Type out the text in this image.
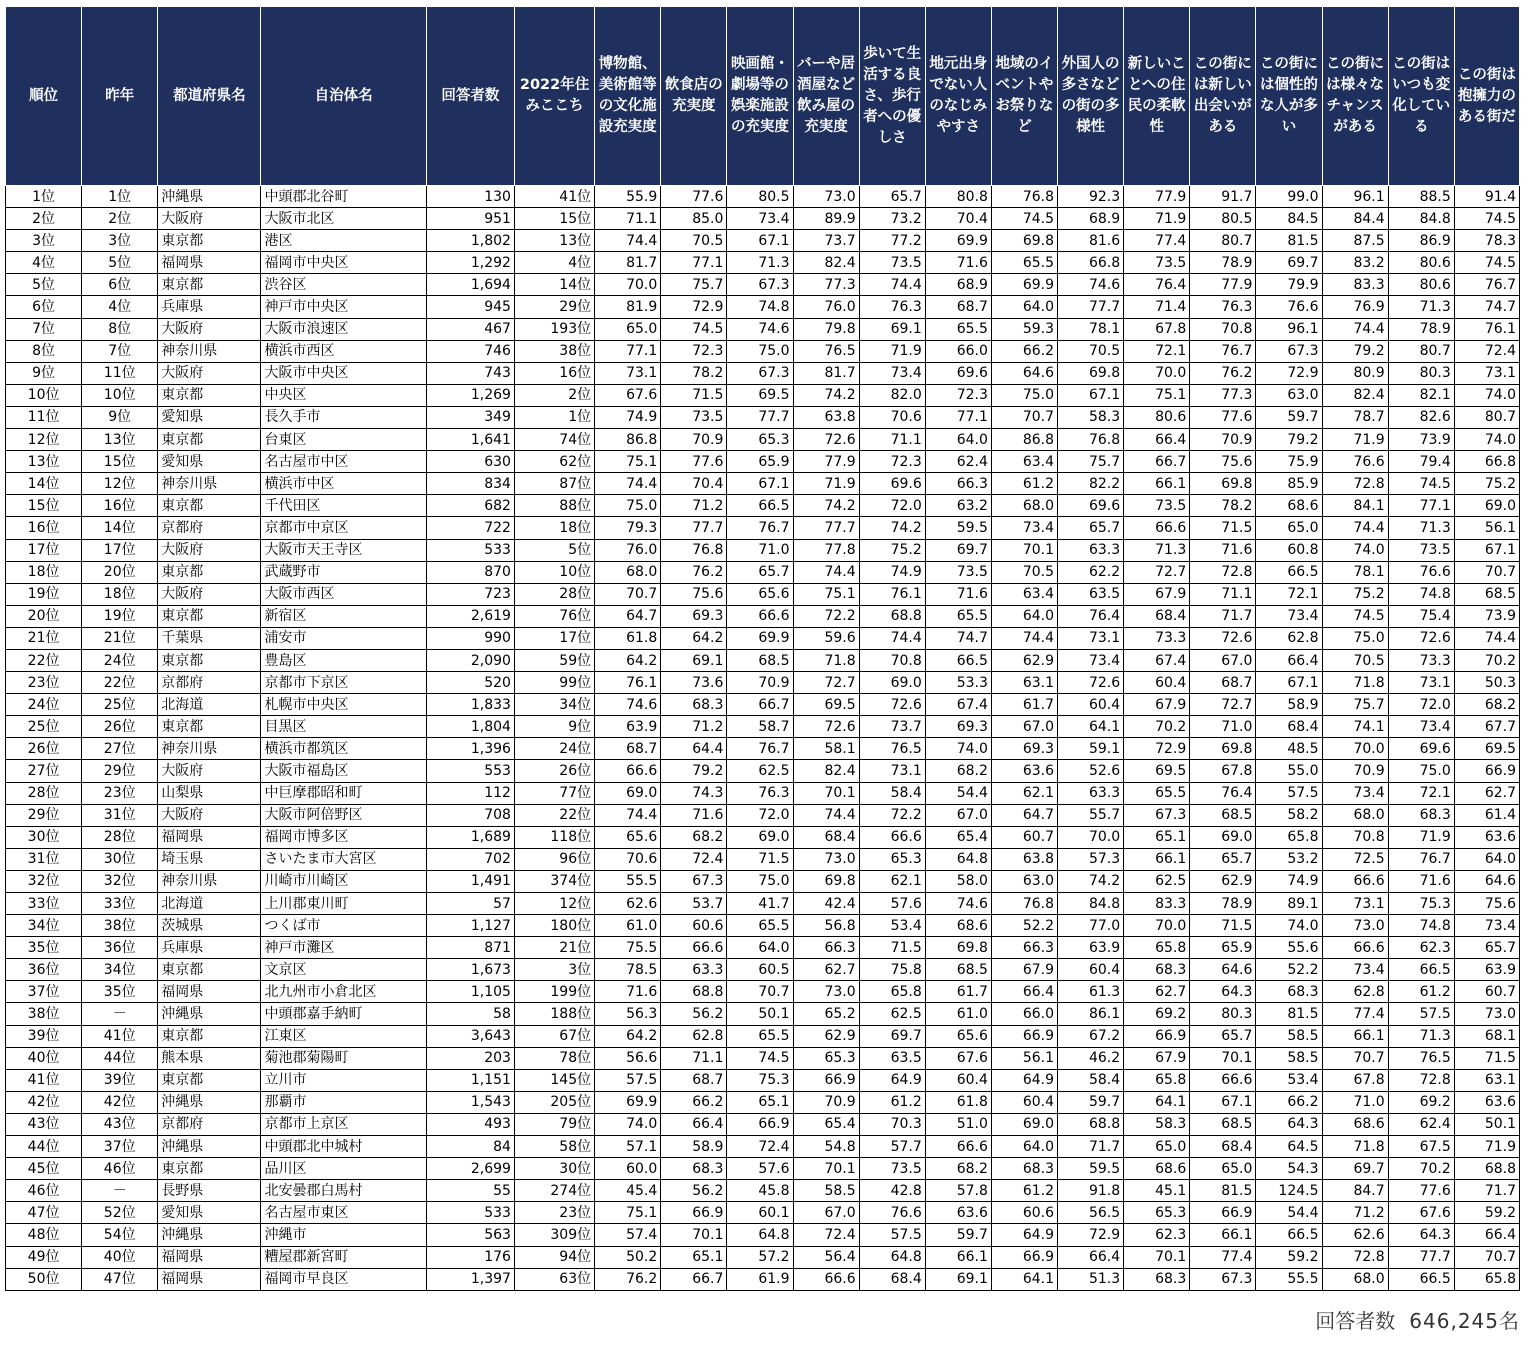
順位	昨年	都道府県名	自治体名	回答者数	2022年住みここち	博物館、美術館等の文化施設充実度	飲食店の充実度	映画館・劇場等の娯楽施設の充実度	バーや居酒屋など飲み屋の充実度	歩いて生活する良さ、歩行者への優しさ	地元出身でない人のなじみやすさ	地域のイベントやお祭りなど	外国人の多さなどの街の多様性	新しいことへの住民の柔軟性	この街には新しい出会いがある	この街には個性的な人が多い	この街には様々なチャンスがある	この街はいつも変化している	この街は抱擁力のある街だ
1位	1位	沖縄県	中頭郡北谷町	130	41位	55.9	77.6	80.5	73.0	65.7	80.8	76.8	92.3	77.9	91.7	99.0	96.1	88.5	91.4
2位	2位	大阪府	大阪市北区	951	15位	71.1	85.0	73.4	89.9	73.2	70.4	74.5	68.9	71.9	80.5	84.5	84.4	84.8	74.5
3位	3位	東京都	港区	1,802	13位	74.4	70.5	67.1	73.7	77.2	69.9	69.8	81.6	77.4	80.7	81.5	87.5	86.9	78.3
4位	5位	福岡県	福岡市中央区	1,292	4位	81.7	77.1	71.3	82.4	73.5	71.6	65.5	66.8	73.5	78.9	69.7	83.2	80.6	74.5
5位	6位	東京都	渋谷区	1,694	14位	70.0	75.7	67.3	77.3	74.4	68.9	69.9	74.6	76.4	77.9	79.9	83.3	80.6	76.7
6位	4位	兵庫県	神戸市中央区	945	29位	81.9	72.9	74.8	76.0	76.3	68.7	64.0	77.7	71.4	76.3	76.6	76.9	71.3	74.7
7位	8位	大阪府	大阪市浪速区	467	193位	65.0	74.5	74.6	79.8	69.1	65.5	59.3	78.1	67.8	70.8	96.1	74.4	78.9	76.1
8位	7位	神奈川県	横浜市西区	746	38位	77.1	72.3	75.0	76.5	71.9	66.0	66.2	70.5	72.1	76.7	67.3	79.2	80.7	72.4
9位	11位	大阪府	大阪市中央区	743	16位	73.1	78.2	67.3	81.7	73.4	69.6	64.6	69.8	70.0	76.2	72.9	80.9	80.3	73.1
10位	10位	東京都	中央区	1,269	2位	67.6	71.5	69.5	74.2	82.0	72.3	75.0	67.1	75.1	77.3	63.0	82.4	82.1	74.0
11位	9位	愛知県	長久手市	349	1位	74.9	73.5	77.7	63.8	70.6	77.1	70.7	58.3	80.6	77.6	59.7	78.7	82.6	80.7
12位	13位	東京都	台東区	1,641	74位	86.8	70.9	65.3	72.6	71.1	64.0	86.8	76.8	66.4	70.9	79.2	71.9	73.9	74.0
13位	15位	愛知県	名古屋市中区	630	62位	75.1	77.6	65.9	77.9	72.3	62.4	63.4	75.7	66.7	75.6	75.9	76.6	79.4	66.8
14位	12位	神奈川県	横浜市中区	834	87位	74.4	70.4	67.1	71.9	69.6	66.3	61.2	82.2	66.1	69.8	85.9	72.8	74.5	75.2
15位	16位	東京都	千代田区	682	88位	75.0	71.2	66.5	74.2	72.0	63.2	68.0	69.6	73.5	78.2	68.6	84.1	77.1	69.0
16位	14位	京都府	京都市中京区	722	18位	79.3	77.7	76.7	77.7	74.2	59.5	73.4	65.7	66.6	71.5	65.0	74.4	71.3	56.1
17位	17位	大阪府	大阪市天王寺区	533	5位	76.0	76.8	71.0	77.8	75.2	69.7	70.1	63.3	71.3	71.6	60.8	74.0	73.5	67.1
18位	20位	東京都	武蔵野市	870	10位	68.0	76.2	65.7	74.4	74.9	73.5	70.5	62.2	72.7	72.8	66.5	78.1	76.6	70.7
19位	18位	大阪府	大阪市西区	723	28位	70.7	75.6	65.6	75.1	76.1	71.6	63.4	63.5	67.9	71.1	72.1	75.2	74.8	68.5
20位	19位	東京都	新宿区	2,619	76位	64.7	69.3	66.6	72.2	68.8	65.5	64.0	76.4	68.4	71.7	73.4	74.5	75.4	73.9
21位	21位	千葉県	浦安市	990	17位	61.8	64.2	69.9	59.6	74.4	74.7	74.4	73.1	73.3	72.6	62.8	75.0	72.6	74.4
22位	24位	東京都	豊島区	2,090	59位	64.2	69.1	68.5	71.8	70.8	66.5	62.9	73.4	67.4	67.0	66.4	70.5	73.3	70.2
23位	22位	京都府	京都市下京区	520	99位	76.1	73.6	70.9	72.7	69.0	53.3	63.1	72.6	60.4	68.7	67.1	71.8	73.1	50.3
24位	25位	北海道	札幌市中央区	1,833	34位	74.6	68.3	66.7	69.5	72.6	67.4	61.7	60.4	67.9	72.7	58.9	75.7	72.0	68.2
25位	26位	東京都	目黒区	1,804	9位	63.9	71.2	58.7	72.6	73.7	69.3	67.0	64.1	70.2	71.0	68.4	74.1	73.4	67.7
26位	27位	神奈川県	横浜市都筑区	1,396	24位	68.7	64.4	76.7	58.1	76.5	74.0	69.3	59.1	72.9	69.8	48.5	70.0	69.6	69.5
27位	29位	大阪府	大阪市福島区	553	26位	66.6	79.2	62.5	82.4	73.1	68.2	63.6	52.6	69.5	67.8	55.0	70.9	75.0	66.9
28位	23位	山梨県	中巨摩郡昭和町	112	77位	69.0	74.3	76.3	70.1	58.4	54.4	62.1	63.3	65.5	76.4	57.5	73.4	72.1	62.7
29位	31位	大阪府	大阪市阿倍野区	708	22位	74.4	71.6	72.0	74.4	72.2	67.0	64.7	55.7	67.3	68.5	58.2	68.0	68.3	61.4
30位	28位	福岡県	福岡市博多区	1,689	118位	65.6	68.2	69.0	68.4	66.6	65.4	60.7	70.0	65.1	69.0	65.8	70.8	71.9	63.6
31位	30位	埼玉県	さいたま市大宮区	702	96位	70.6	72.4	71.5	73.0	65.3	64.8	63.8	57.3	66.1	65.7	53.2	72.5	76.7	64.0
32位	32位	神奈川県	川崎市川崎区	1,491	374位	55.5	67.3	75.0	69.8	62.1	58.0	63.0	74.2	62.5	62.9	74.9	66.6	71.6	64.6
33位	33位	北海道	上川郡東川町	57	12位	62.6	53.7	41.7	42.4	57.6	74.6	76.8	84.8	83.3	78.9	89.1	73.1	75.3	75.6
34位	38位	茨城県	つくば市	1,127	180位	61.0	60.6	65.5	56.8	53.4	68.6	52.2	77.0	70.0	71.5	74.0	73.0	74.8	73.4
35位	36位	兵庫県	神戸市灘区	871	21位	75.5	66.6	64.0	66.3	71.5	69.8	66.3	63.9	65.8	65.9	55.6	66.6	62.3	65.7
36位	34位	東京都	文京区	1,673	3位	78.5	63.3	60.5	62.7	75.8	68.5	67.9	60.4	68.3	64.6	52.2	73.4	66.5	63.9
37位	35位	福岡県	北九州市小倉北区	1,105	199位	71.6	68.8	70.7	73.0	65.8	61.7	66.4	61.3	62.7	64.3	68.3	62.8	61.2	60.7
38位	－	沖縄県	中頭郡嘉手納町	58	188位	56.3	56.2	50.1	65.2	62.5	61.0	66.0	86.1	69.2	80.3	81.5	77.4	57.5	73.0
39位	41位	東京都	江東区	3,643	67位	64.2	62.8	65.5	62.9	69.7	65.6	66.9	67.2	66.9	65.7	58.5	66.1	71.3	68.1
40位	44位	熊本県	菊池郡菊陽町	203	78位	56.6	71.1	74.5	65.3	63.5	67.6	56.1	46.2	67.9	70.1	58.5	70.7	76.5	71.5
41位	39位	東京都	立川市	1,151	145位	57.5	68.7	75.3	66.9	64.9	60.4	64.9	58.4	65.8	66.6	53.4	67.8	72.8	63.1
42位	42位	沖縄県	那覇市	1,543	205位	69.9	66.2	65.1	70.9	61.2	61.8	60.4	59.7	64.1	67.1	66.2	71.0	69.2	63.6
43位	43位	京都府	京都市上京区	493	79位	74.0	66.4	66.9	65.4	70.3	51.0	69.0	68.8	58.3	68.5	64.3	68.6	62.4	50.1
44位	37位	沖縄県	中頭郡北中城村	84	58位	57.1	58.9	72.4	54.8	57.7	66.6	64.0	71.7	65.0	68.4	64.5	71.8	67.5	71.9
45位	46位	東京都	品川区	2,699	30位	60.0	68.3	57.6	70.1	73.5	68.2	68.3	59.5	68.6	65.0	54.3	69.7	70.2	68.8
46位	－	長野県	北安曇郡白馬村	55	274位	45.4	56.2	45.8	58.5	42.8	57.8	61.2	91.8	45.1	81.5	124.5	84.7	77.6	71.7
47位	52位	愛知県	名古屋市東区	533	23位	75.1	66.9	60.1	67.0	76.6	63.6	60.6	56.5	65.3	66.9	54.4	71.2	67.6	59.2
48位	54位	沖縄県	沖縄市	563	309位	57.4	70.1	64.8	72.4	57.5	59.7	64.9	72.9	62.3	66.1	66.5	62.6	64.3	66.4
49位	40位	福岡県	糟屋郡新宮町	176	94位	50.2	65.1	57.2	56.4	64.8	66.1	66.9	66.4	70.1	77.4	59.2	72.8	77.7	70.7
50位	47位	福岡県	福岡市早良区	1,397	63位	76.2	66.7	61.9	66.6	68.4	69.1	64.1	51.3	68.3	67.3	55.5	68.0	66.5	65.8
回答者数 646,245名
